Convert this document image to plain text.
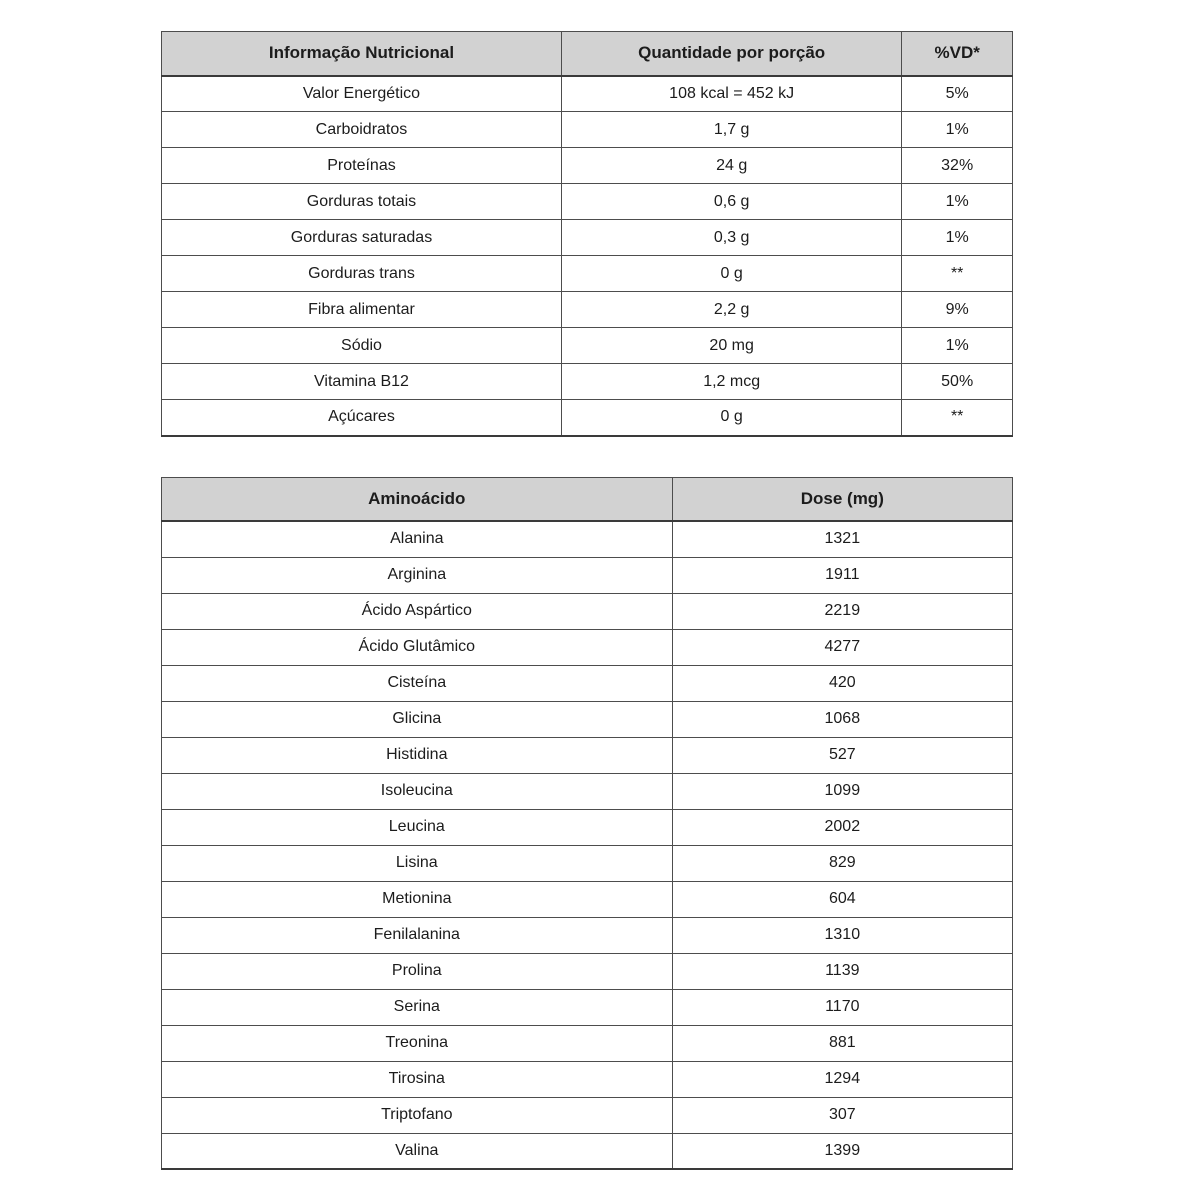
Informação Nutricional	Quantidade por porção	%VD*
Valor Energético	108 kcal = 452 kJ	5%
Carboidratos	1,7 g	1%
Proteínas	24 g	32%
Gorduras totais	0,6 g	1%
Gorduras saturadas	0,3 g	1%
Gorduras trans	0 g	**
Fibra alimentar	2,2 g	9%
Sódio	20 mg	1%
Vitamina B12	1,2 mcg	50%
Açúcares	0 g	**
Aminoácido	Dose (mg)
Alanina	1321
Arginina	1911
Ácido Aspártico	2219
Ácido Glutâmico	4277
Cisteína	420
Glicina	1068
Histidina	527
Isoleucina	1099
Leucina	2002
Lisina	829
Metionina	604
Fenilalanina	1310
Prolina	1139
Serina	1170
Treonina	881
Tirosina	1294
Triptofano	307
Valina	1399
